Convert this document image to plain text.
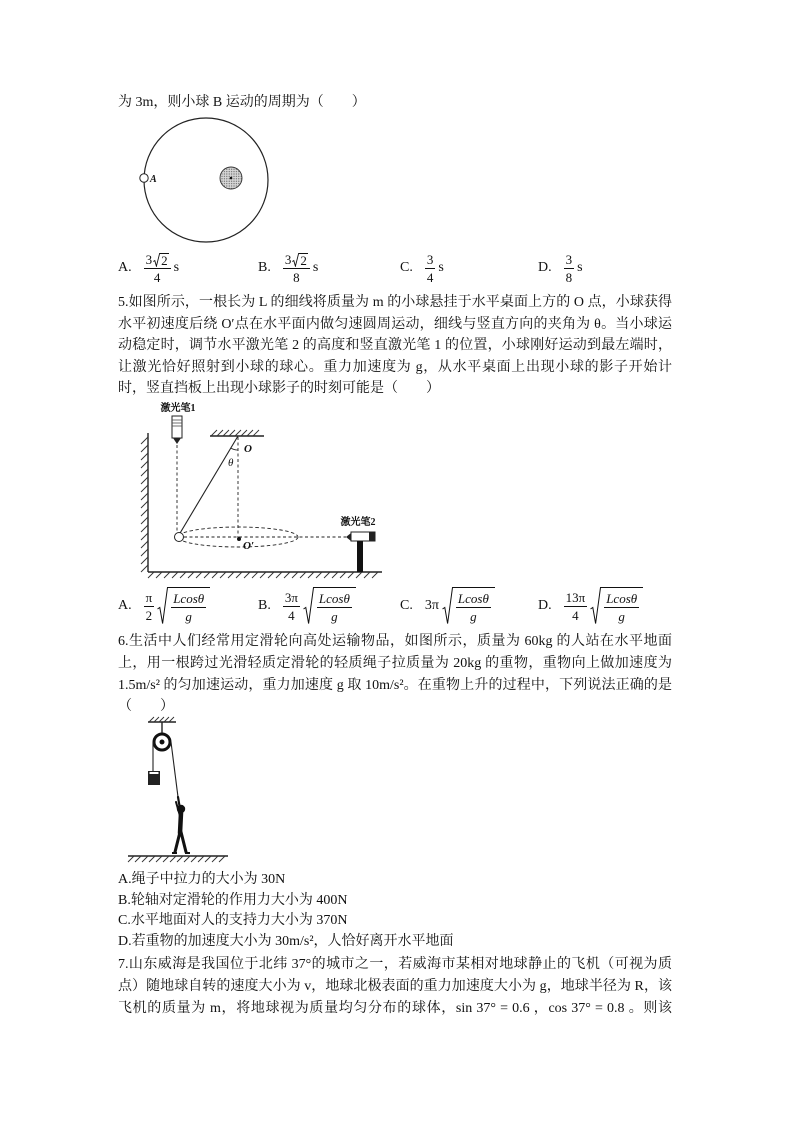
为 3m，则小球 B 运动的周期为（　　）
A
A. $\frac{3 2}{4}$ s	B. $\frac{3 2}{8}$ s	C. $\frac{3}{4}$ s	D. $\frac{3}{8}$ s
5.如图所示，一根长为 L 的细线将质量为 m 的小球悬挂于水平桌面上方的 O 点，小球获得
水平初速度后绕 O′点在水平面内做匀速圆周运动，细线与竖直方向的夹角为 θ。当小球运
动稳定时，调节水平激光笔 2 的高度和竖直激光笔 1 的位置，小球刚好运动到最左端时，
让激光恰好照射到小球的球心。重力加速度为 g，从水平桌面上出现小球的影子开始计
时，竖直挡板上出现小球影子的时刻可能是（　　）
激光笔1
O
θ
O′
激光笔2
A. $\frac{\pi}{2} \frac{Lcos\theta}{g}$	B. $\frac{3\pi}{4} \frac{Lcos\theta}{g}$	C. $3\pi \frac{Lcos\theta}{g}$	D. $\frac{13\pi}{4} \frac{Lcos\theta}{g}$
6.生活中人们经常用定滑轮向高处运输物品，如图所示，质量为 60kg 的人站在水平地面
上，用一根跨过光滑轻质定滑轮的轻质绳子拉质量为 20kg 的重物，重物向上做加速度为
1.5m/s² 的匀加速运动，重力加速度 g 取 10m/s²。在重物上升的过程中，下列说法正确的是
（　　）
A.绳子中拉力的大小为 30N
B.轮轴对定滑轮的作用力大小为 400N
C.水平地面对人的支持力大小为 370N
D.若重物的加速度大小为 30m/s²，人恰好离开水平地面
7.山东威海是我国位于北纬 37°的城市之一，若威海市某相对地球静止的飞机（可视为质
点）随地球自转的速度大小为 v，地球北极表面的重力加速度大小为 g，地球半径为 R，该
飞机的质量为 m，将地球视为质量均匀分布的球体，sin 37° = 0.6 ，cos 37° = 0.8 。则该
